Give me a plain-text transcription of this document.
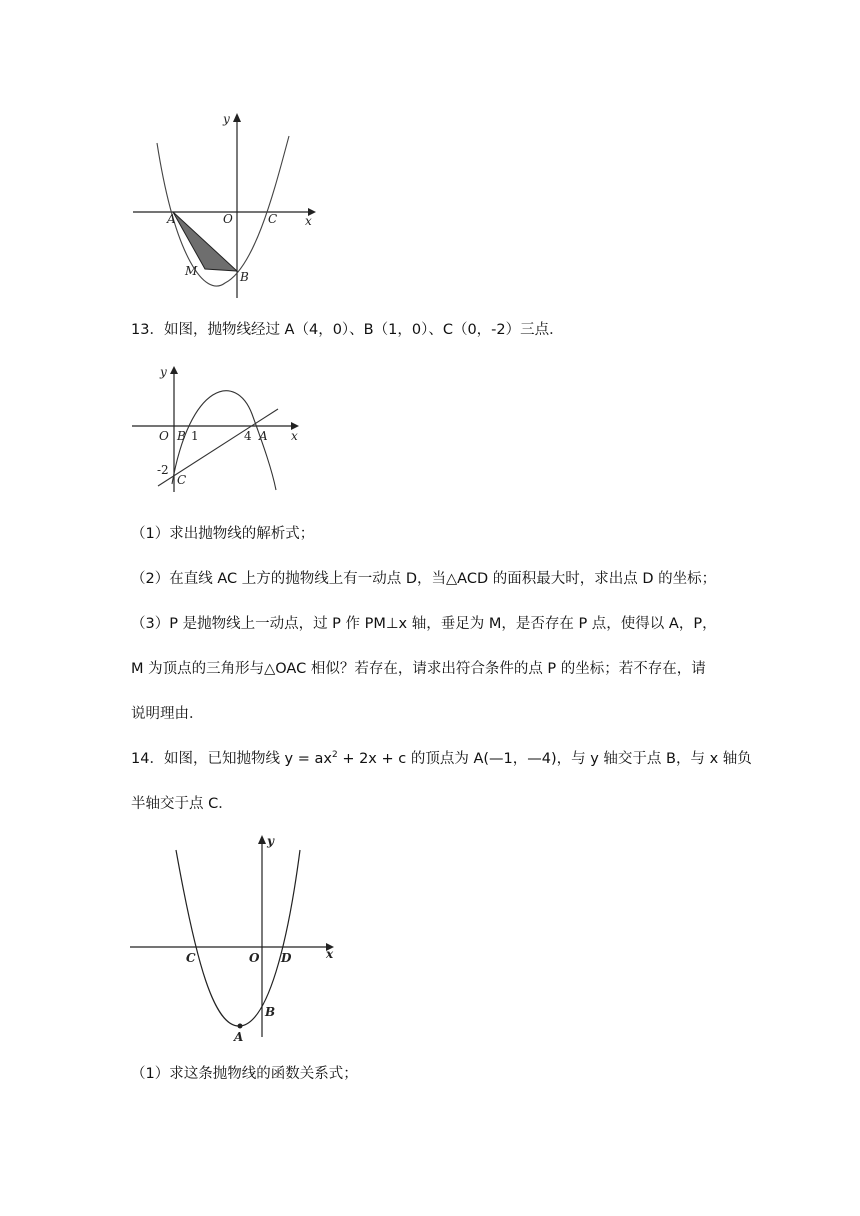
y
x
A	O	C
M	B
13．如图，抛物线经过 A（4，0）、B（1，0）、C（0，-2）三点．
y
x
O B 1	4 A
-2
C
（1）求出抛物线的解析式；
（2）在直线 AC 上方的抛物线上有一动点 D，当△ACD 的面积最大时，求出点 D 的坐标；
（3）P 是抛物线上一动点，过 P 作 PM⊥x 轴，垂足为 M，是否存在 P 点，使得以 A，P，
M 为顶点的三角形与△OAC 相似？若存在，请求出符合条件的点 P 的坐标；若不存在，请
说明理由．
14．如图，已知抛物线 $y = ax^2 + 2x + c$ 的顶点为 A(—1，—4)，与 y 轴交于点 B，与 x 轴负
半轴交于点 C．
y
x
C	O D
B
A
（1）求这条抛物线的函数关系式；
